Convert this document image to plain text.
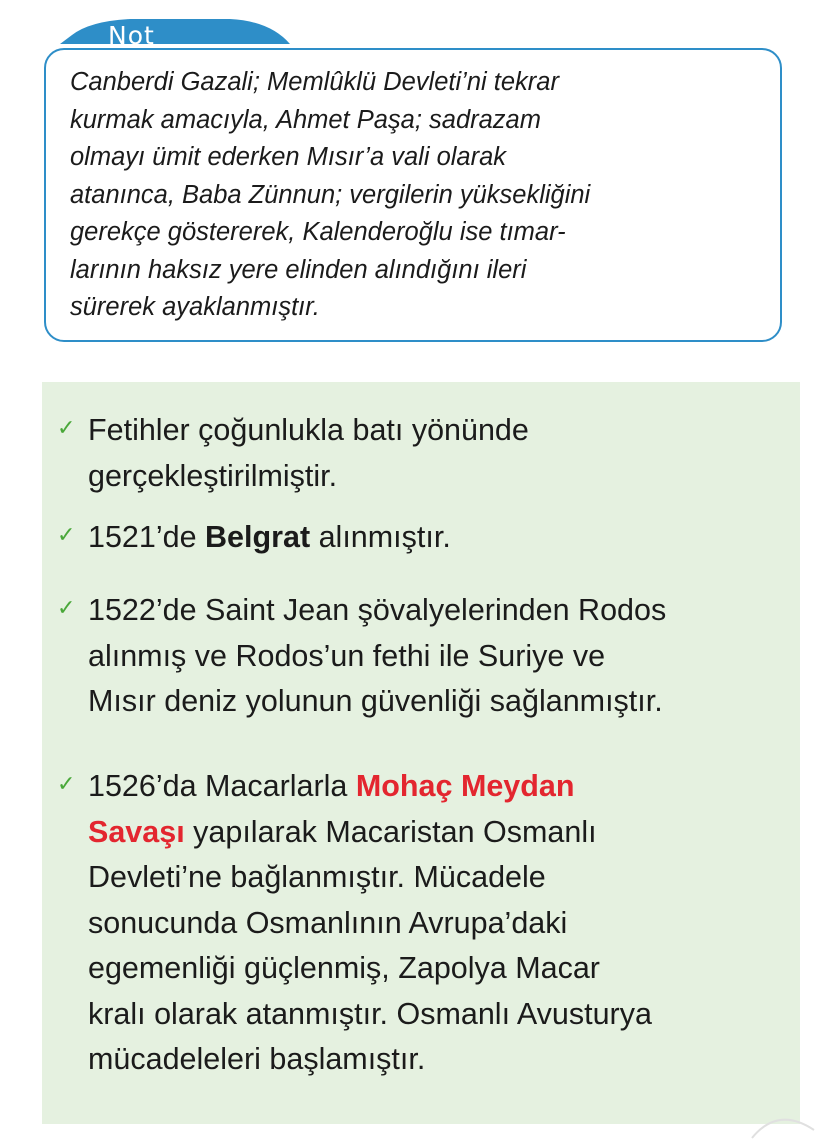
Not
Canberdi Gazali; Memlûklü Devleti’ni tekrar
kurmak amacıyla, Ahmet Paşa; sadrazam
olmayı ümit ederken Mısır’a vali olarak
atanınca, Baba Zünnun; vergilerin yüksekliğini
gerekçe göstererek, Kalenderoğlu ise tımar-
larının haksız yere elinden alındığını ileri
sürerek ayaklanmıştır.
✓ Fetihler çoğunlukla batı yönünde
gerçekleştirilmiştir.
✓ 1521’de Belgrat alınmıştır.
✓ 1522’de Saint Jean şövalyelerinden Rodos
alınmış ve Rodos’un fethi ile Suriye ve
Mısır deniz yolunun güvenliği sağlanmıştır.
✓ 1526’da Macarlarla Mohaç Meydan
Savaşı yapılarak Macaristan Osmanlı
Devleti’ne bağlanmıştır. Mücadele
sonucunda Osmanlının Avrupa’daki
egemenliği güçlenmiş, Zapolya Macar
kralı olarak atanmıştır. Osmanlı Avusturya
mücadeleleri başlamıştır.
